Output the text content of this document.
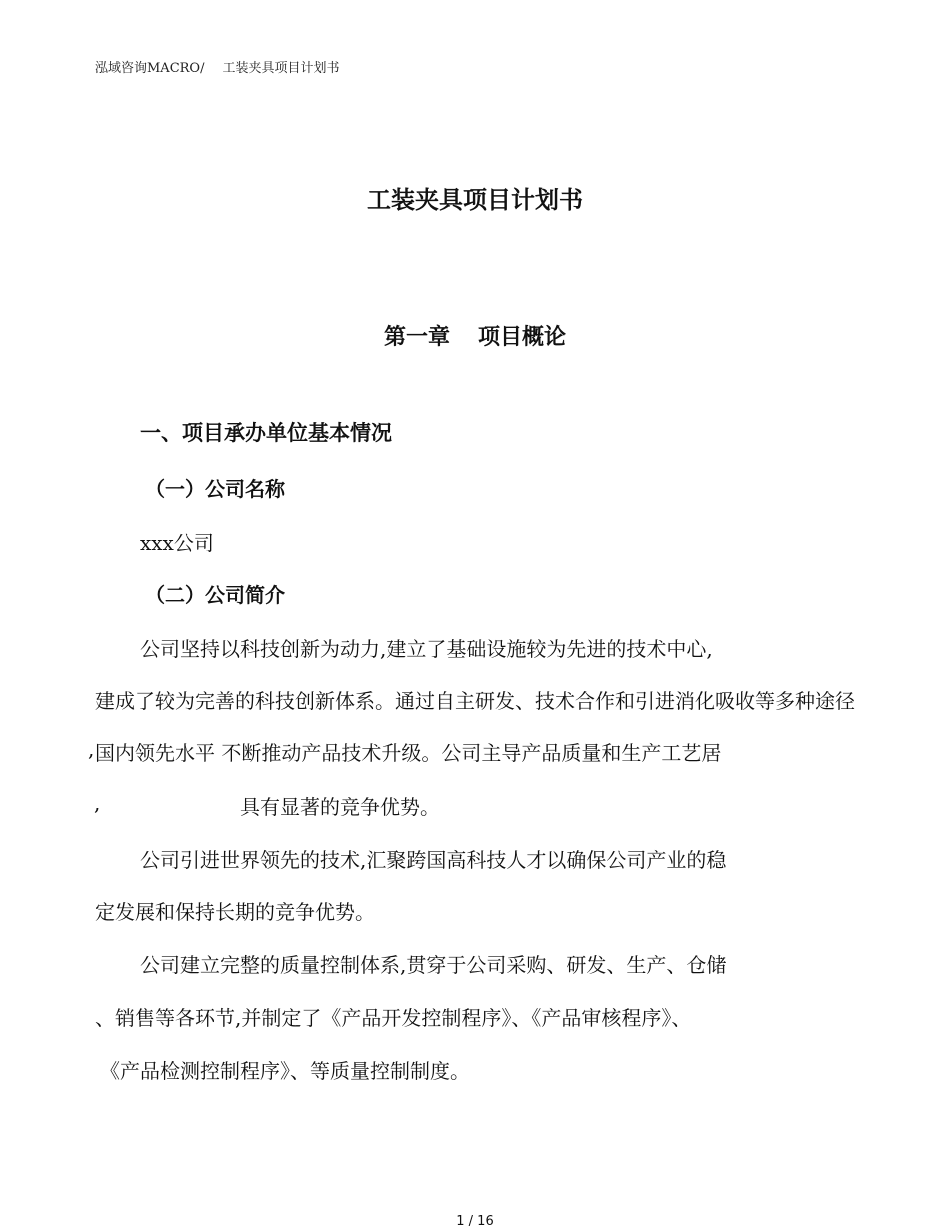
泓域咨询MACRO/ 工装夹具项目计划书
工装夹具项目计划书
第一章 项目概论
一、项目承办单位基本情况
（一）公司名称
xxx公司
（二）公司简介
公司坚持以科技创新为动力,建立了基础设施较为先进的技术中心,
建成了较为完善的科技创新体系。通过自主研发、技术合作和引进消化吸收等多种途径
, 国内领先水平 不断推动产品技术升级。公司主导产品质量和生产工艺居
,	具有显著的竞争优势。
公司引进世界领先的技术,汇聚跨国高科技人才以确保公司产业的稳
定发展和保持长期的竞争优势。
公司建立完整的质量控制体系,贯穿于公司采购、研发、生产、仓储
、销售等各环节,并制定了《产品开发控制程序》、《产品审核程序》、
《产品检测控制程序》、等质量控制制度。
1 / 16
